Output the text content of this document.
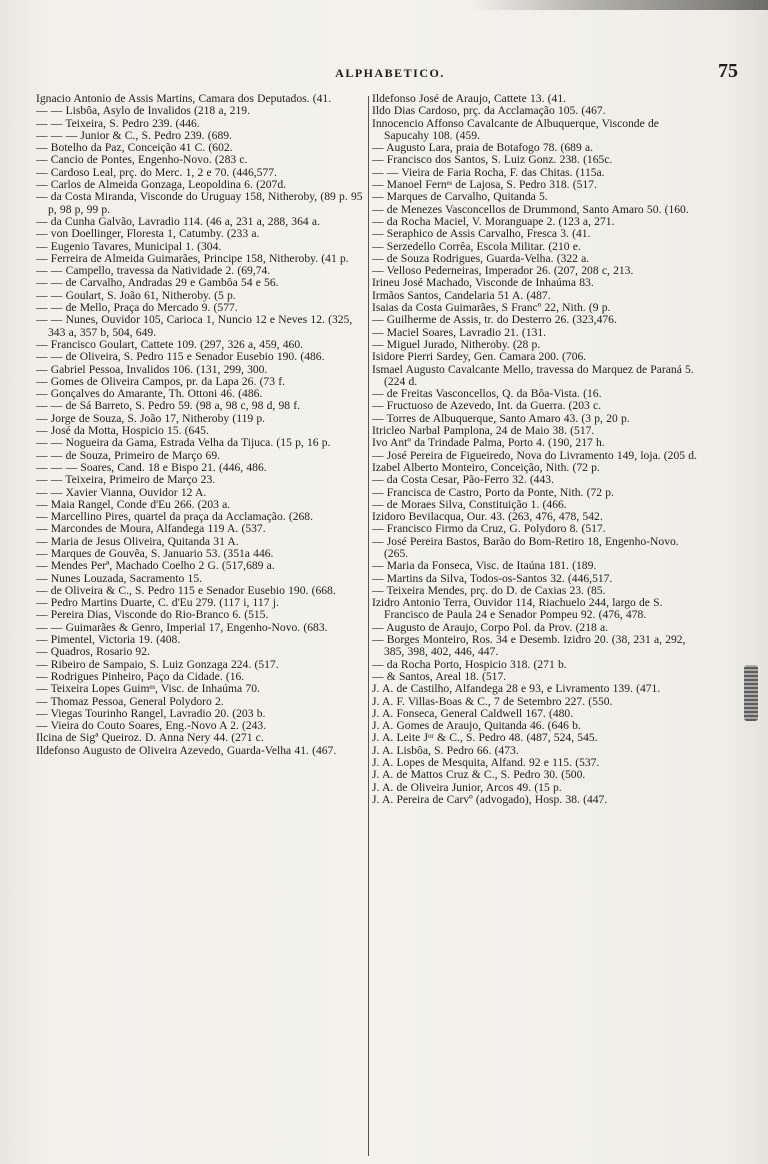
ALPHABETICO.	75

Ignacio Antonio de Assis Martins, Camara dos Deputados. (41.

— — Lisbôa, Asylo de Invalidos (218 a, 219.

— — Teixeira, S. Pedro 239. (446.

— — — Junior & C., S. Pedro 239. (689.

— Botelho da Paz, Conceição 41 C. (602.

— Cancio de Pontes, Engenho-Novo. (283 c.

— Cardoso Leal, prç. do Merc. 1, 2 e 70. (446,577.

— Carlos de Almeida Gonzaga, Leopoldina 6. (207d.

— da Costa Miranda, Visconde do Uruguay 158, Nitheroby, (89 p. 95 p, 98 p, 99 p.

— da Cunha Galvão, Lavradio 114. (46 a, 231 a, 288, 364 a.

— von Doellinger, Floresta 1, Catumby. (233 a.

— Eugenio Tavares, Municipal 1. (304.

— Ferreira de Almeida Guimarães, Principe 158, Nitheroby. (41 p.

— — Campello, travessa da Natividade 2. (69,74.

— — de Carvalho, Andradas 29 e Gambôa 54 e 56.

— — Goulart, S. João 61, Nitheroby. (5 p.

— — de Mello, Praça do Mercado 9. (577.

— — Nunes, Ouvidor 105, Carioca 1, Nuncio 12 e Neves 12. (325, 343 a, 357 b, 504, 649.

— Francisco Goulart, Cattete 109. (297, 326 a, 459, 460.

— — de Oliveira, S. Pedro 115 e Senador Eusebio 190. (486.

— Gabriel Pessoa, Invalidos 106. (131, 299, 300.

— Gomes de Oliveira Campos, pr. da Lapa 26. (73 f.

— Gonçalves do Amarante, Th. Ottoni 46. (486.

— — de Sá Barreto, S. Pedro 59. (98 a, 98 c, 98 d, 98 f.

— Jorge de Souza, S. João 17, Nitheroby (119 p.

— José da Motta, Hospicio 15. (645.

— — Nogueira da Gama, Estrada Velha da Tijuca. (15 p, 16 p.

— — de Souza, Primeiro de Março 69.

— — — Soares, Cand. 18 e Bispo 21. (446, 486.

— — Teixeira, Primeiro de Março 23.

— — Xavier Vianna, Ouvidor 12 A.

— Maia Rangel, Conde d'Eu 266. (203 a.

— Marcellino Pires, quartel da praça da Acclamação. (268.

— Marcondes de Moura, Alfandega 119 A. (537.

— Maria de Jesus Oliveira, Quitanda 31 A.

— Marques de Gouvêa, S. Januario 53. (351a 446.

— Mendes Perª, Machado Coelho 2 G. (517,689 a.

— Nunes Louzada, Sacramento 15.

— de Oliveira & C., S. Pedro 115 e Senador Eusebio 190. (668.

— Pedro Martins Duarte, C. d'Eu 279. (117 i, 117 j.

— Pereira Dias, Visconde do Rio-Branco 6. (515.

— — Guimarães & Genro, Imperial 17, Engenho-Novo. (683.

— Pimentel, Victoria 19. (408.

— Quadros, Rosario 92.

— Ribeiro de Sampaio, S. Luiz Gonzaga 224. (517.

— Rodrigues Pinheiro, Paço da Cidade. (16.

— Teixeira Lopes Guimᵉˢ, Visc. de Inhaúma 70.

— Thomaz Pessoa, General Polydoro 2.

— Viegas Tourinho Rangel, Lavradio 20. (203 b.

— Vieira do Couto Soares, Eng.-Novo A 2. (243.

Ilcina de Sigª Queiroz. D. Anna Nery 44. (271 c.

Ildefonso Augusto de Oliveira Azevedo, Guarda-Velha 41. (467.

Ildefonso José de Araujo, Cattete 13. (41.

Ildo Dias Cardoso, prç. da Acclamação 105. (467.

Innocencio Affonso Cavalcante de Albuquerque, Visconde de Sapucahy 108. (459.

— Augusto Lara, praia de Botafogo 78. (689 a.

— Francisco dos Santos, S. Luiz Gonz. 238. (165c.

— — Vieira de Faria Rocha, F. das Chitas. (115a.

— Manoel Fernᵉˢ de Lajosa, S. Pedro 318. (517.

— Marques de Carvalho, Quitanda 5.

— de Menezes Vasconcellos de Drummond, Santo Amaro 50. (160.

— da Rocha Maciel, V. Moranguape 2. (123 a, 271.

— Seraphico de Assis Carvalho, Fresca 3. (41.

— Serzedello Corrêa, Escola Militar. (210 e.

— de Souza Rodrigues, Guarda-Velha. (322 a.

— Velloso Pederneiras, Imperador 26. (207, 208 c, 213.

Irineu José Machado, Visconde de Inhaúma 83.

Irmãos Santos, Candelaria 51 A. (487.

Isaias da Costa Guimarães, S Francº 22, Nith. (9 p.

— Guilherme de Assis, tr. do Desterro 26. (323,476.

— Maciel Soares, Lavradio 21. (131.

— Miguel Jurado, Nitheroby. (28 p.

Isidore Pierri Sardey, Gen. Camara 200. (706.

Ismael Augusto Cavalcante Mello, travessa do Marquez de Paraná 5. (224 d.

— de Freitas Vasconcellos, Q. da Bôa-Vista. (16.

— Fructuoso de Azevedo, Int. da Guerra. (203 c.

— Torres de Albuquerque, Santo Amaro 43. (3 p, 20 p.

Itricleo Narbal Pamplona, 24 de Maio 38. (517.

Ivo Antº da Trindade Palma, Porto 4. (190, 217 h.

— José Pereira de Figueiredo, Nova do Livramento 149, loja. (205 d.

Izabel Alberto Monteiro, Conceição, Nith. (72 p.

— da Costa Cesar, Pão-Ferro 32. (443.

— Francisca de Castro, Porto da Ponte, Nith. (72 p.

— de Moraes Silva, Constituição 1. (466.

Izidoro Bevilacqua, Our. 43. (263, 476, 478, 542.

— Francisco Firmo da Cruz, G. Polydoro 8. (517.

— José Pereira Bastos, Barão do Bom-Retiro 18, Engenho-Novo. (265.

— Maria da Fonseca, Visc. de Itaúna 181. (189.

— Martins da Silva, Todos-os-Santos 32. (446,517.

— Teixeira Mendes, prç. do D. de Caxias 23. (85.

Izidro Antonio Terra, Ouvidor 114, Riachuelo 244, largo de S. Francisco de Paula 24 e Senador Pompeu 92. (476, 478.

— Augusto de Araujo, Corpo Pol. da Prov. (218 a.

— Borges Monteiro, Ros. 34 e Desemb. Izidro 20. (38, 231 a, 292, 385, 398, 402, 446, 447.

— da Rocha Porto, Hospicio 318. (271 b.

— & Santos, Areal 18. (517.

J. A. de Castilho, Alfandega 28 e 93, e Livramento 139. (471.

J. A. F. Villas-Boas & C., 7 de Setembro 227. (550.

J. A. Fonseca, General Caldwell 167. (480.

J. A. Gomes de Araujo, Quitanda 46. (646 b.

J. A. Leite Jᵒʳ & C., S. Pedro 48. (487, 524, 545.

J. A. Lisbôa, S. Pedro 66. (473.

J. A. Lopes de Mesquita, Alfand. 92 e 115. (537.

J. A. de Mattos Cruz & C., S. Pedro 30. (500.

J. A. de Oliveira Junior, Arcos 49. (15 p.

J. A. Pereira de Carvº (advogado), Hosp. 38. (447.
